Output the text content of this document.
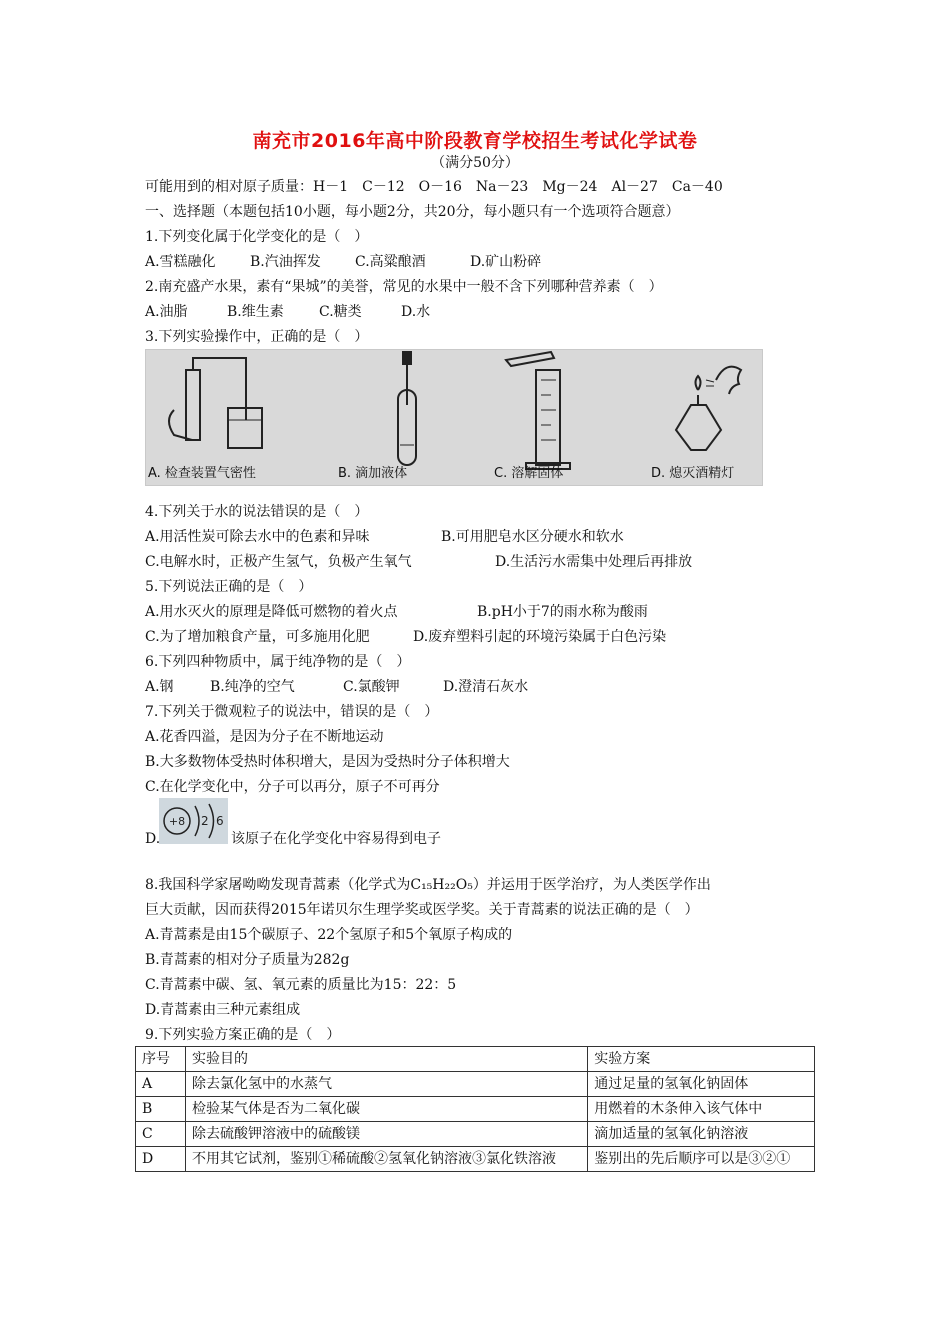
南充市2016年高中阶段教育学校招生考试化学试卷
（满分50分）
可能用到的相对原子质量：H－1　C－12　O－16　Na－23　Mg－24　Al－27　Ca－40
一、选择题（本题包括10小题，每小题2分，共20分，每小题只有一个选项符合题意）
1.下列变化属于化学变化的是（　）
A.雪糕融化 B.汽油挥发 C.高粱酿酒	D.矿山粉碎
2.南充盛产水果，素有“果城”的美誉，常见的水果中一般不含下列哪种营养素（　）
A.油脂	B.维生素	C.糖类	D.水
3.下列实验操作中，正确的是（　）
A. 检查装置气密性	B. 滴加液体	C. 溶解固体	D. 熄灭酒精灯
4.下列关于水的说法错误的是（　）
A.用活性炭可除去水中的色素和异味	B.可用肥皂水区分硬水和软水
C.电解水时，正极产生氢气，负极产生氧气	D.生活污水需集中处理后再排放
5.下列说法正确的是（　）
A.用水灭火的原理是降低可燃物的着火点	B.pH小于7的雨水称为酸雨
C.为了增加粮食产量，可多施用化肥	D.废弃塑料引起的环境污染属于白色污染
6.下列四种物质中，属于纯净物的是（　）
A.钢	B.纯净的空气	C.氯酸钾	D.澄清石灰水
7.下列关于微观粒子的说法中，错误的是（　）
A.花香四溢，是因为分子在不断地运动
B.大多数物体受热时体积增大，是因为受热时分子体积增大
C.在化学变化中，分子可以再分，原子不可再分
+8 2 6
D.	该原子在化学变化中容易得到电子
8.我国科学家屠呦呦发现青蒿素（化学式为C₁₅H₂₂O₅）并运用于医学治疗，为人类医学作出
巨大贡献，因而获得2015年诺贝尔生理学奖或医学奖。关于青蒿素的说法正确的是（　）
A.青蒿素是由15个碳原子、22个氢原子和5个氧原子构成的
B.青蒿素的相对分子质量为282g
C.青蒿素中碳、氢、氧元素的质量比为15：22：5
D.青蒿素由三种元素组成
9.下列实验方案正确的是（　）
序号	实验目的	实验方案
A	除去氯化氢中的水蒸气	通过足量的氢氧化钠固体
B	检验某气体是否为二氧化碳	用燃着的木条伸入该气体中
C	除去硫酸钾溶液中的硫酸镁	滴加适量的氢氧化钠溶液
D	不用其它试剂，鉴别①稀硫酸②氢氧化钠溶液③氯化铁溶液	鉴别出的先后顺序可以是③②①
